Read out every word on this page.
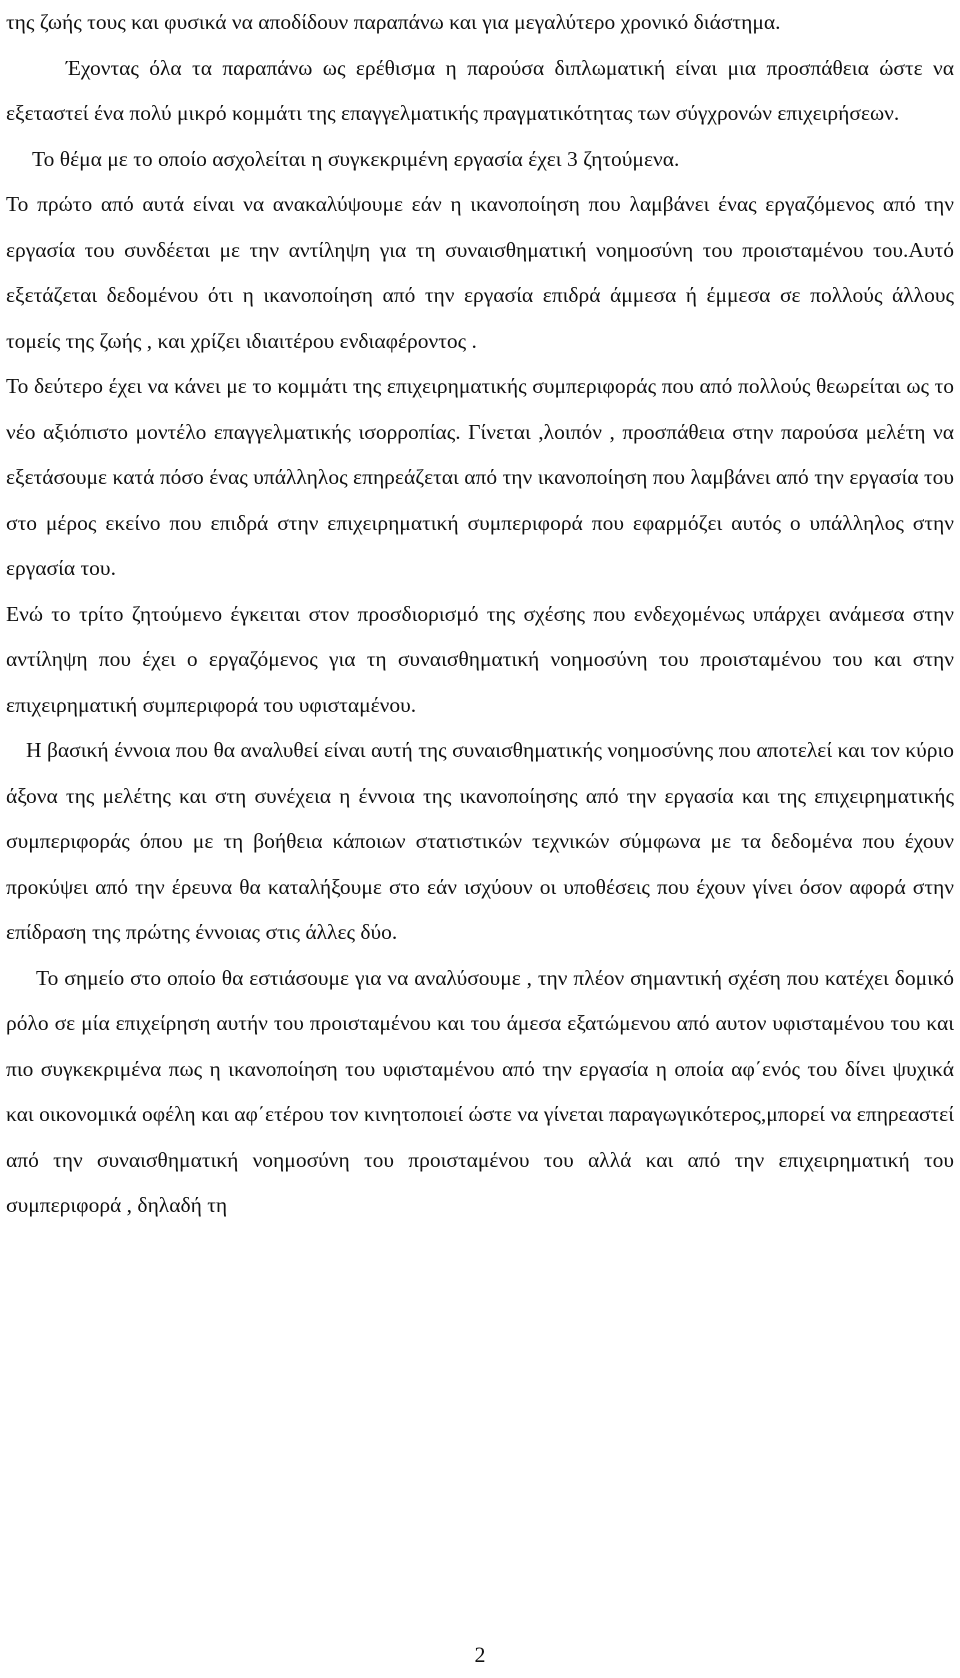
της ζωής τους και φυσικά να αποδίδουν παραπάνω και για μεγαλύτερο χρονικό διάστημα.

Έχοντας όλα τα παραπάνω ως ερέθισμα η παρούσα διπλωματική είναι μια προσπάθεια ώστε να εξεταστεί ένα πολύ μικρό κομμάτι της επαγγελματικής πραγματικότητας των σύγχρονών επιχειρήσεων.

Το θέμα με το οποίο ασχολείται η συγκεκριμένη εργασία έχει 3 ζητούμενα.

Το πρώτο από αυτά είναι να ανακαλύψουμε εάν η ικανοποίηση που λαμβάνει ένας εργαζόμενος από την εργασία του συνδέεται με την αντίληψη για τη συναισθηματική νοημοσύνη του προισταμένου του.Αυτό εξετάζεται δεδομένου ότι η ικανοποίηση από την εργασία επιδρά άμμεσα ή έμμεσα σε πολλούς άλλους τομείς της ζωής , και χρίζει ιδιαιτέρου ενδιαφέροντος .

Το δεύτερο έχει να κάνει με το κομμάτι της επιχειρηματικής συμπεριφοράς που από πολλούς θεωρείται ως το νέο αξιόπιστο μοντέλο επαγγελματικής ισορροπίας. Γίνεται ,λοιπόν , προσπάθεια στην παρούσα μελέτη να εξετάσουμε κατά πόσο ένας υπάλληλος επηρεάζεται από την ικανοποίηση που λαμβάνει από την εργασία του στο μέρος εκείνο που επιδρά στην επιχειρηματική συμπεριφορά που εφαρμόζει αυτός ο υπάλληλος στην εργασία του.

Ενώ το τρίτο ζητούμενο έγκειται στον προσδιορισμό της σχέσης που ενδεχομένως υπάρχει ανάμεσα στην αντίληψη που έχει ο εργαζόμενος για τη συναισθηματική νοημοσύνη του προισταμένου του και στην επιχειρηματική συμπεριφορά του υφισταμένου.

Η βασική έννοια που θα αναλυθεί είναι αυτή της συναισθηματικής νοημοσύνης που αποτελεί και τον κύριο άξονα της μελέτης και στη συνέχεια η έννοια της ικανοποίησης από την εργασία και της επιχειρηματικής συμπεριφοράς όπου με τη βοήθεια κάποιων στατιστικών τεχνικών σύμφωνα με τα δεδομένα που έχουν προκύψει από την έρευνα θα καταλήξουμε στο εάν ισχύουν οι υποθέσεις που έχουν γίνει όσον αφορά στην επίδραση της πρώτης έννοιας στις άλλες δύο.

Το σημείο στο οποίο θα εστιάσουμε για να αναλύσουμε , την πλέον σημαντική σχέση που κατέχει δομικό ρόλο σε μία επιχείρηση αυτήν του προισταμένου και του άμεσα εξατώμενου από αυτον υφισταμένου του και πιο συγκεκριμένα πως η ικανοποίηση του υφισταμένου από την εργασία η οποία αφ΄ενός του δίνει ψυχικά και οικονομικά οφέλη και αφ΄ετέρου τον κινητοποιεί ώστε να γίνεται παραγωγικότερος,μπορεί να επηρεαστεί από την συναισθηματική νοημοσύνη του προισταμένου του αλλά και από την επιχειρηματική του συμπεριφορά , δηλαδή τη

2
